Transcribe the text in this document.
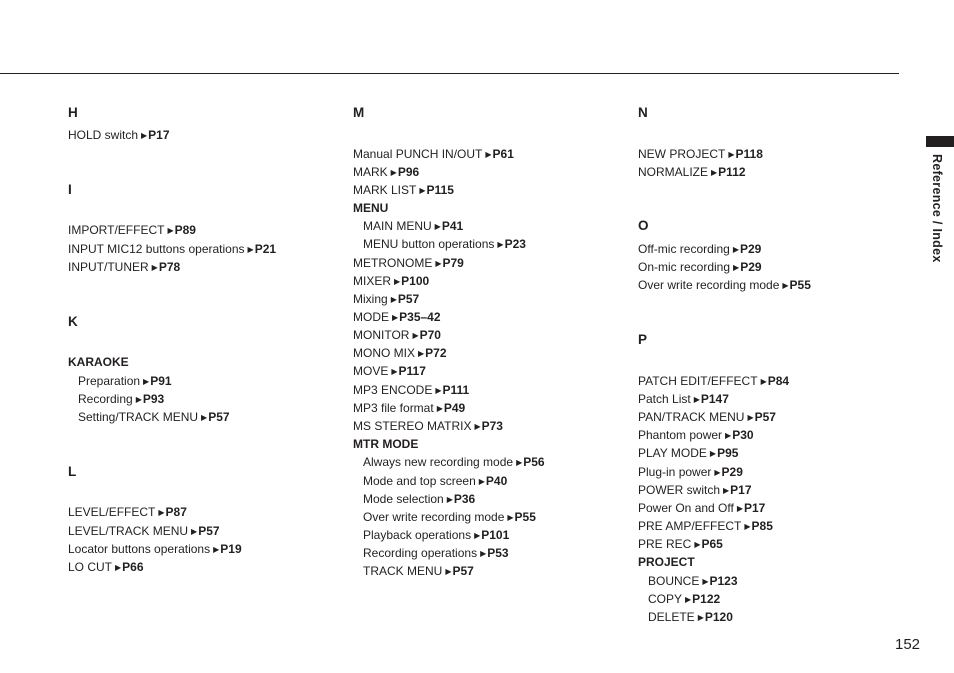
Reference / Index
H
HOLD switch ▶P17
I
IMPORT/EFFECT ▶P89
INPUT MIC12 buttons operations ▶P21
INPUT/TUNER ▶P78
K
KARAOKE
Preparation ▶P91
Recording ▶P93
Setting/TRACK MENU ▶P57
L
LEVEL/EFFECT ▶P87
LEVEL/TRACK MENU ▶P57
Locator buttons operations ▶P19
LO CUT ▶P66
M
Manual PUNCH IN/OUT ▶P61
MARK ▶P96
MARK LIST ▶P115
MENU
MAIN MENU ▶P41
MENU button operations ▶P23
METRONOME ▶P79
MIXER ▶P100
Mixing ▶P57
MODE ▶P35–42
MONITOR ▶P70
MONO MIX ▶P72
MOVE ▶P117
MP3 ENCODE ▶P111
MP3 file format ▶P49
MS STEREO MATRIX ▶P73
MTR MODE
Always new recording mode ▶P56
Mode and top screen ▶P40
Mode selection ▶P36
Over write recording mode ▶P55
Playback operations ▶P101
Recording operations ▶P53
TRACK MENU ▶P57
N
NEW PROJECT ▶P118
NORMALIZE ▶P112
O
Off-mic recording ▶P29
On-mic recording ▶P29
Over write recording mode ▶P55
P
PATCH EDIT/EFFECT ▶P84
Patch List ▶P147
PAN/TRACK MENU ▶P57
Phantom power ▶P30
PLAY MODE ▶P95
Plug-in power ▶P29
POWER switch ▶P17
Power On and Off ▶P17
PRE AMP/EFFECT ▶P85
PRE REC ▶P65
PROJECT
BOUNCE ▶P123
COPY ▶P122
DELETE ▶P120
152
